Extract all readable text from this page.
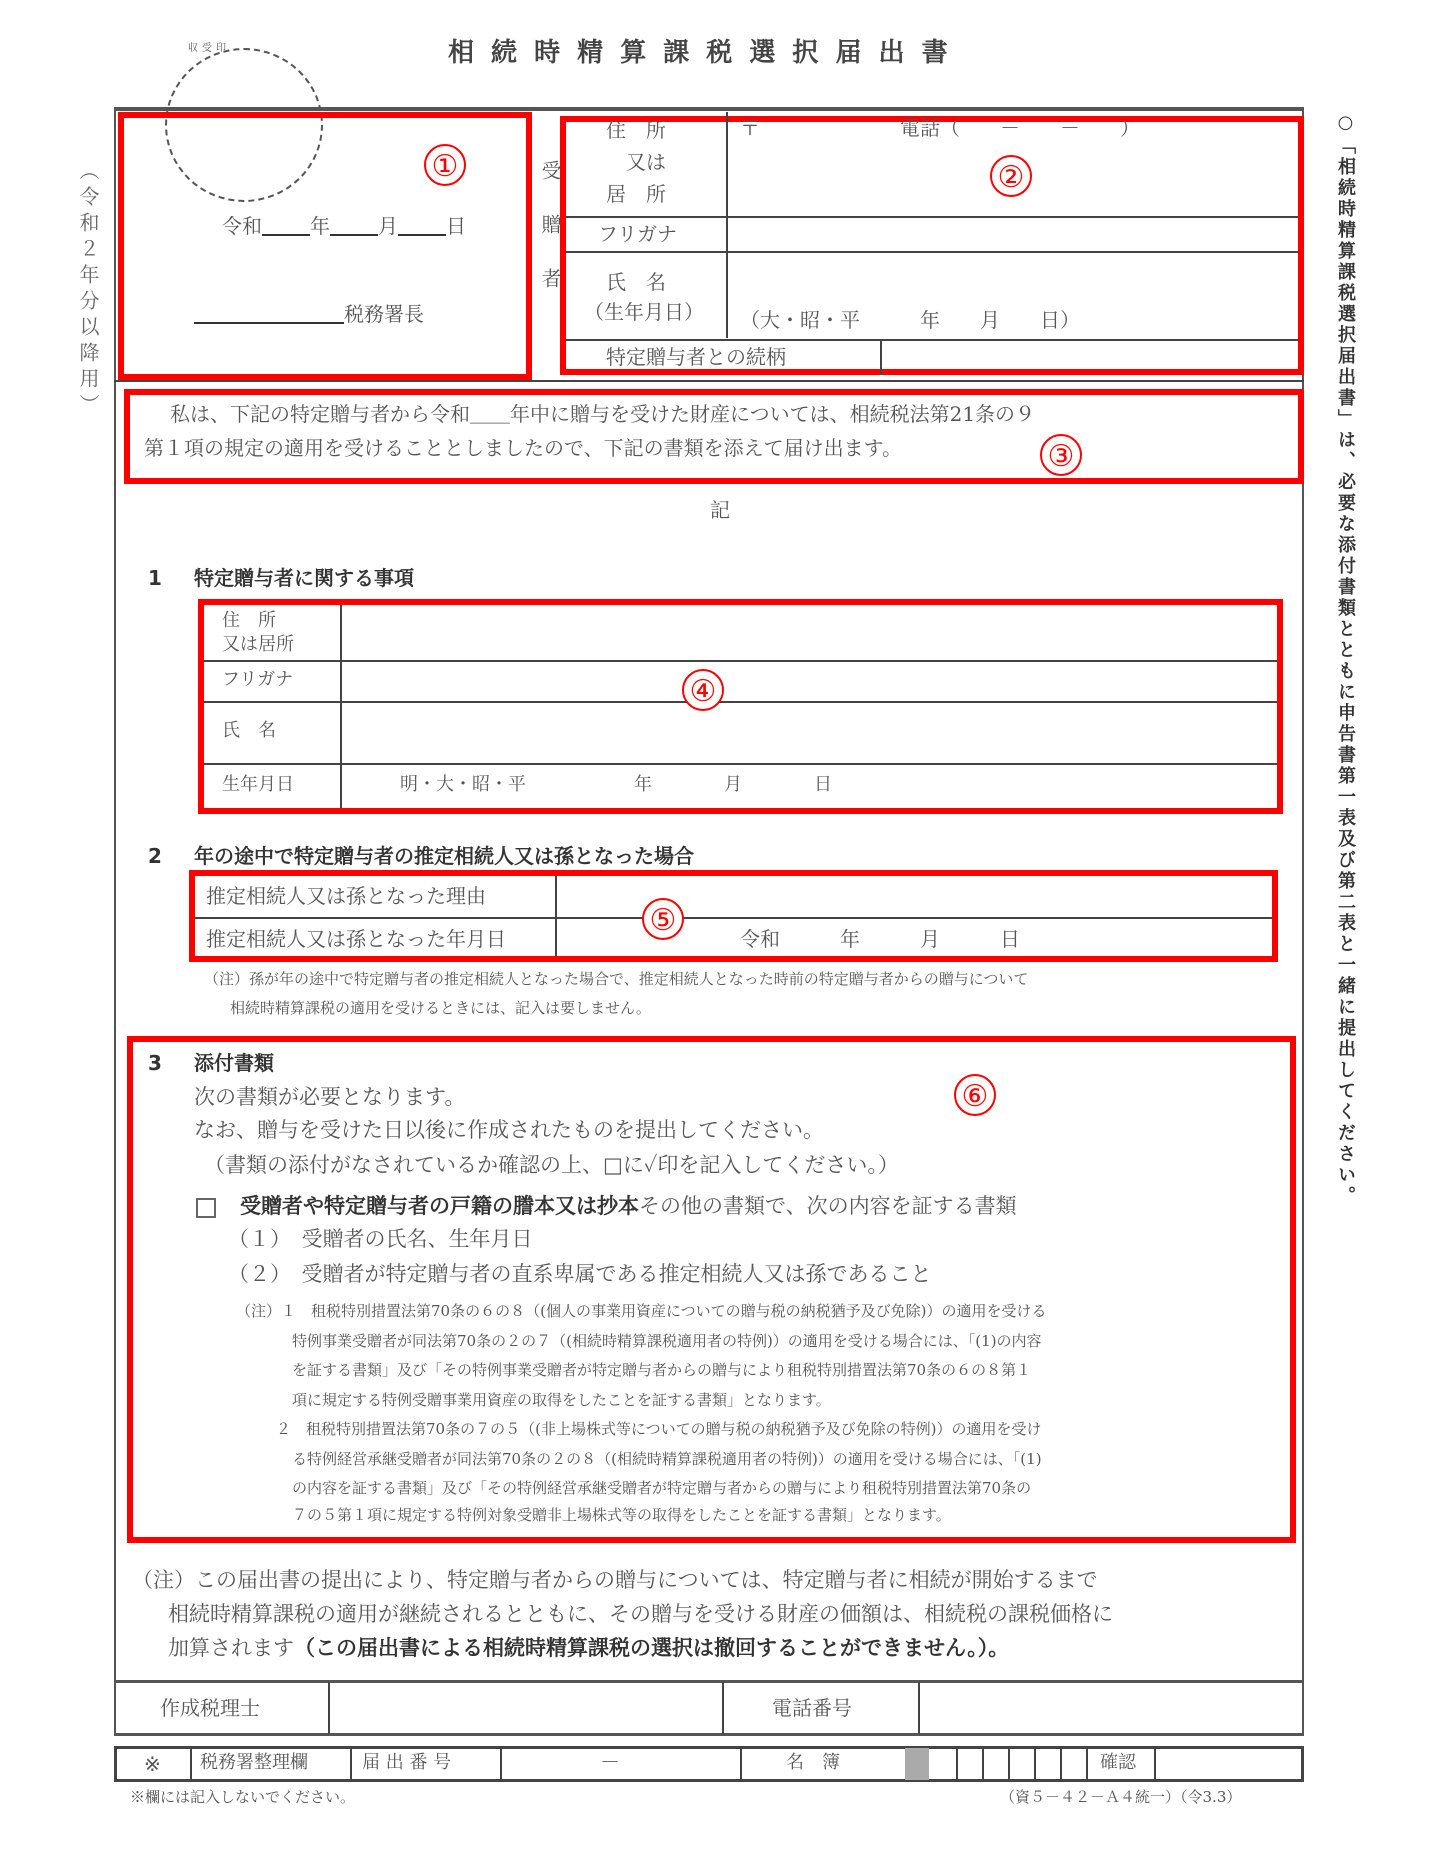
相 続 時 精 算 課 税 選 択 届 出 書
収受印
（令和２年分以降用）	○「相続時精算課税選択届出書」は、必要な添付書類とともに申告書第一表及び第二表と一緒に提出してください。
令和 年 月 日
税務署長	受贈者
住　所
又は
居　所
〒	電話（　　－　　－　　）
フリガナ
氏　名
（生年月日） （大・昭・平　　　年　　月　　日）
特定贈与者との続柄
私は、下記の特定贈与者から令和＿＿年中に贈与を受けた財産については、相続税法第21条の９
第１項の規定の適用を受けることとしましたので、下記の書類を添えて届け出ます。
記
1 特定贈与者に関する事項
住　所
又は居所
フリガナ
氏　名
生年月日	明・大・昭・平　　　　　　年　　　　月　　　　日
2 年の途中で特定贈与者の推定相続人又は孫となった場合
推定相続人又は孫となった理由
推定相続人又は孫となった年月日	令和　　　年　　　月　　　日
（注）孫が年の途中で特定贈与者の推定相続人となった場合で、推定相続人となった時前の特定贈与者からの贈与について
相続時精算課税の適用を受けるときには、記入は要しません。
3 添付書類
次の書類が必要となります。
なお、贈与を受けた日以後に作成されたものを提出してください。
（書類の添付がなされているか確認の上、□に✓印を記入してください。）
受贈者や特定贈与者の戸籍の謄本又は抄本その他の書類で、次の内容を証する書類
（１）　受贈者の氏名、生年月日
（２）　受贈者が特定贈与者の直系卑属である推定相続人又は孫であること
（注）１　租税特別措置法第70条の６の８（(個人の事業用資産についての贈与税の納税猶予及び免除)）の適用を受ける
特例事業受贈者が同法第70条の２の７（(相続時精算課税適用者の特例)）の適用を受ける場合には、「(1)の内容
を証する書類」及び「その特例事業受贈者が特定贈与者からの贈与により租税特別措置法第70条の６の８第１
項に規定する特例受贈事業用資産の取得をしたことを証する書類」となります。
２　租税特別措置法第70条の７の５（(非上場株式等についての贈与税の納税猶予及び免除の特例)）の適用を受け
る特例経営承継受贈者が同法第70条の２の８（(相続時精算課税適用者の特例)）の適用を受ける場合には、「(1)
の内容を証する書類」及び「その特例経営承継受贈者が特定贈与者からの贈与により租税特別措置法第70条の
７の５第１項に規定する特例対象受贈非上場株式等の取得をしたことを証する書類」となります。
（注）この届出書の提出により、特定贈与者からの贈与については、特定贈与者に相続が開始するまで
相続時精算課税の適用が継続されるとともに、その贈与を受ける財産の価額は、相続税の課税価格に
加算されます（この届出書による相続時精算課税の選択は撤回することができません。）。
作成税理士	電話番号
※ 税務署整理欄	届 出 番 号	－	名　簿	確認
※欄には記入しないでください。	（資５－４２－Ａ４統一）（令3.3）
①	②
③
④
⑤
⑥
